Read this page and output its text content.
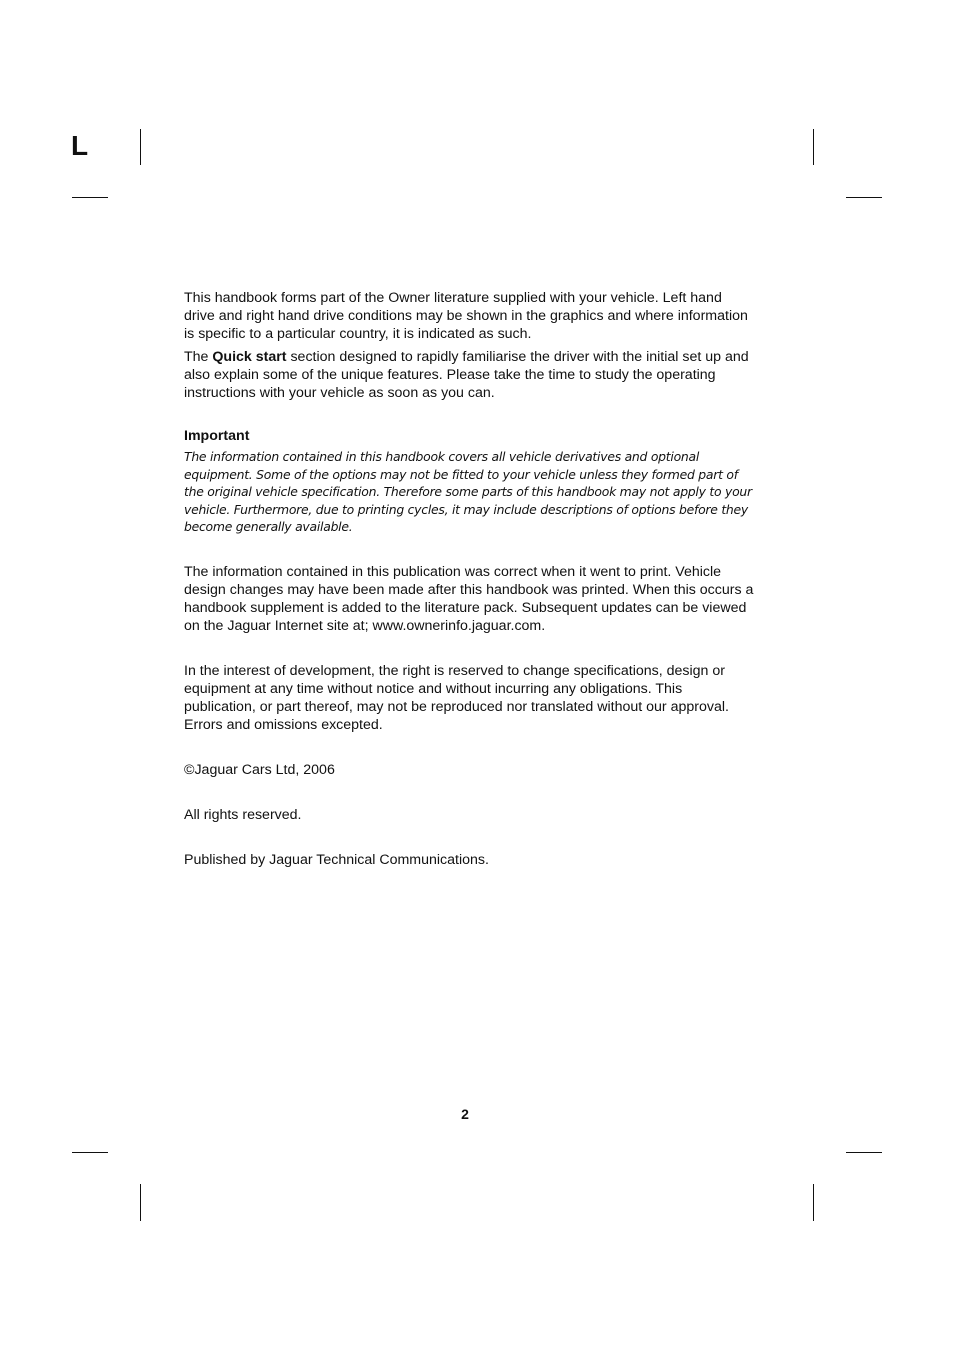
L

This handbook forms part of the Owner literature supplied with your vehicle. Left hand drive and right hand drive conditions may be shown in the graphics and where information is specific to a particular country, it is indicated as such.

The Quick start section designed to rapidly familiarise the driver with the initial set up and also explain some of the unique features. Please take the time to study the operating instructions with your vehicle as soon as you can.

Important

The information contained in this handbook covers all vehicle derivatives and optional equipment. Some of the options may not be fitted to your vehicle unless they formed part of the original vehicle specification. Therefore some parts of this handbook may not apply to your vehicle. Furthermore, due to printing cycles, it may include descriptions of options before they become generally available.

The information contained in this publication was correct when it went to print. Vehicle design changes may have been made after this handbook was printed. When this occurs a handbook supplement is added to the literature pack. Subsequent updates can be viewed on the Jaguar Internet site at; www.ownerinfo.jaguar.com.

In the interest of development, the right is reserved to change specifications, design or equipment at any time without notice and without incurring any obligations. This publication, or part thereof, may not be reproduced nor translated without our approval. Errors and omissions excepted.

©Jaguar Cars Ltd, 2006

All rights reserved.

Published by Jaguar Technical Communications.

2
